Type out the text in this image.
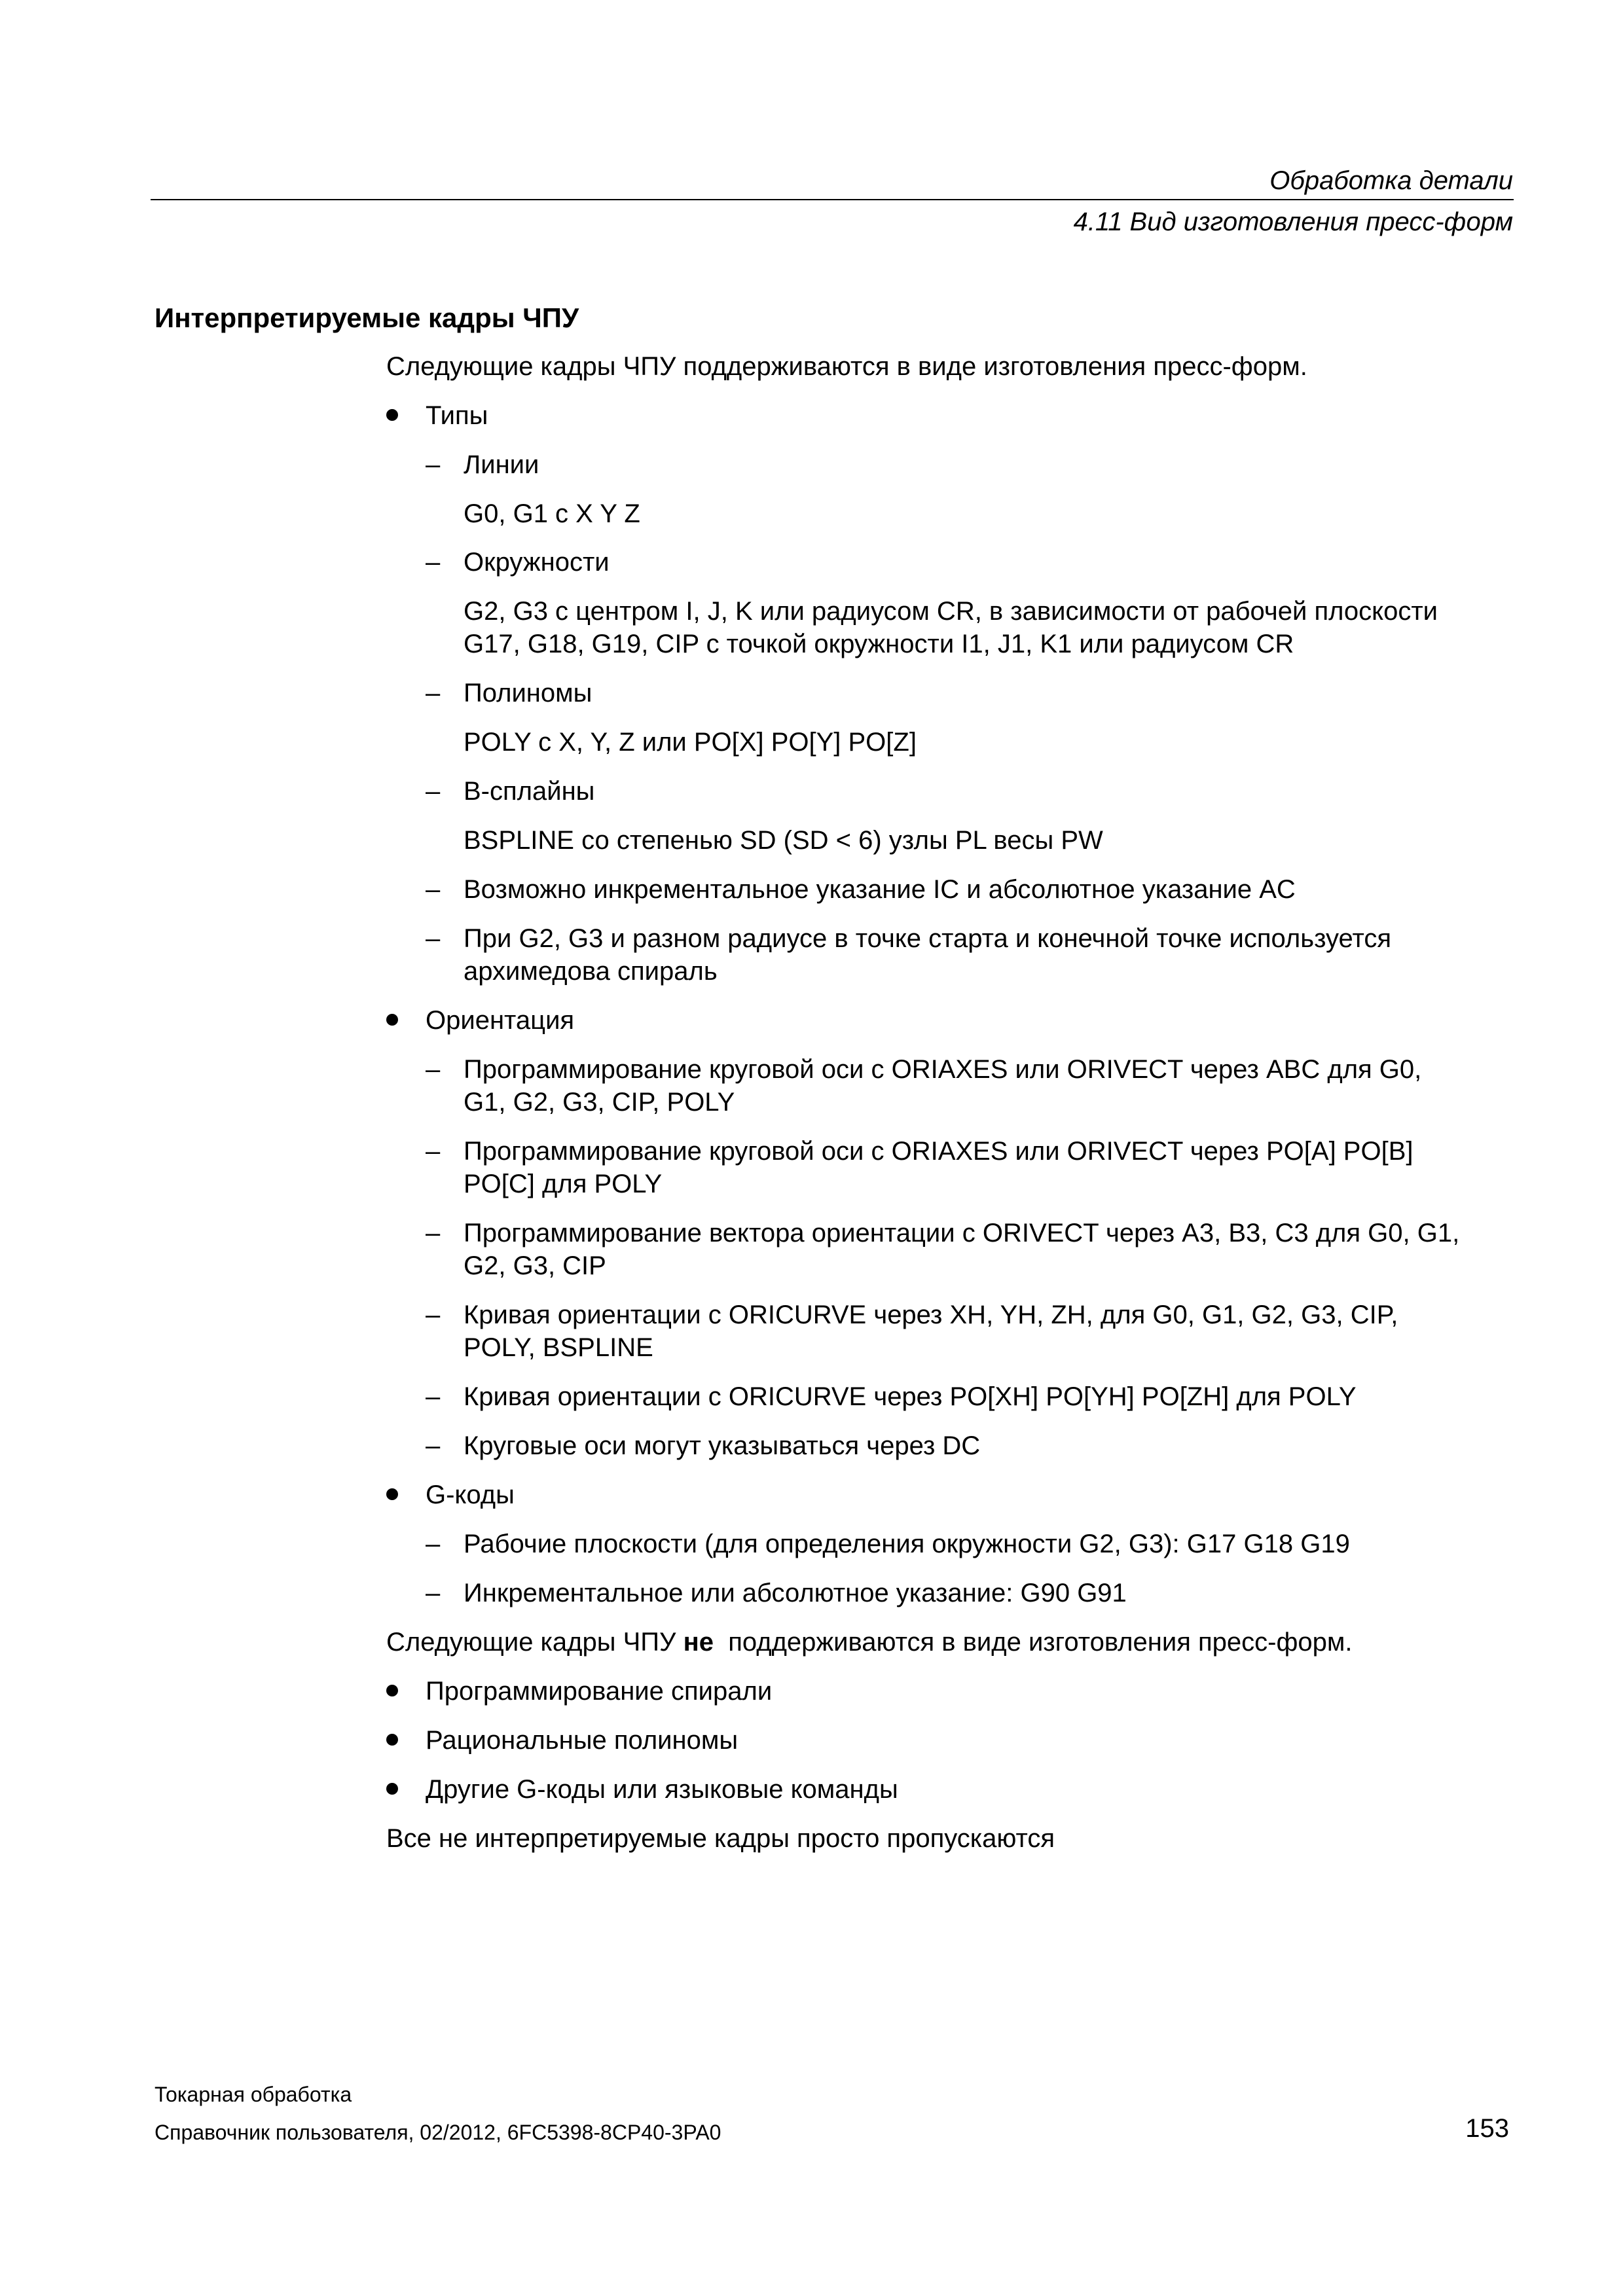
Обработка детали
4.11 Вид изготовления пресс-форм
Интерпретируемые кадры ЧПУ
Следующие кадры ЧПУ поддерживаются в виде изготовления пресс-форм.
Типы
– Линии
G0, G1 с X Y Z
– Окружности
G2, G3 с центром I, J, K или радиусом CR, в зависимости от рабочей плоскости
G17, G18, G19, CIP с точкой окружности I1, J1, K1 или радиусом CR
– Полиномы
POLY с X, Y, Z или PO[X] PO[Y] PO[Z]
– B-сплайны
BSPLINE со степенью SD (SD < 6) узлы PL весы PW
– Возможно инкрементальное указание IC и абсолютное указание AC
– При G2, G3 и разном радиусе в точке старта и конечной точке используется
архимедова спираль
Ориентация
– Программирование круговой оси с ORIAXES или ORIVECT через ABC для G0,
G1, G2, G3, CIP, POLY
– Программирование круговой оси с ORIAXES или ORIVECT через PO[A] PO[B]
PO[C] для POLY
– Программирование вектора ориентации с ORIVECT через A3, B3, C3 для G0, G1,
G2, G3, CIP
– Кривая ориентации с ORICURVE через XH, YH, ZH, для G0, G1, G2, G3, CIP,
POLY, BSPLINE
– Кривая ориентации с ORICURVE через PO[XH] PO[YH] PO[ZH] для POLY
– Круговые оси могут указываться через DC
G-коды
– Рабочие плоскости (для определения окружности G2, G3): G17 G18 G19
– Инкрементальное или абсолютное указание: G90 G91
Следующие кадры ЧПУ не  поддерживаются в виде изготовления пресс-форм.
Программирование спирали
Рациональные полиномы
Другие G-коды или языковые команды
Все не интерпретируемые кадры просто пропускаются
Токарная обработка
Справочник пользователя, 02/2012, 6FC5398-8CP40-3PA0	153
